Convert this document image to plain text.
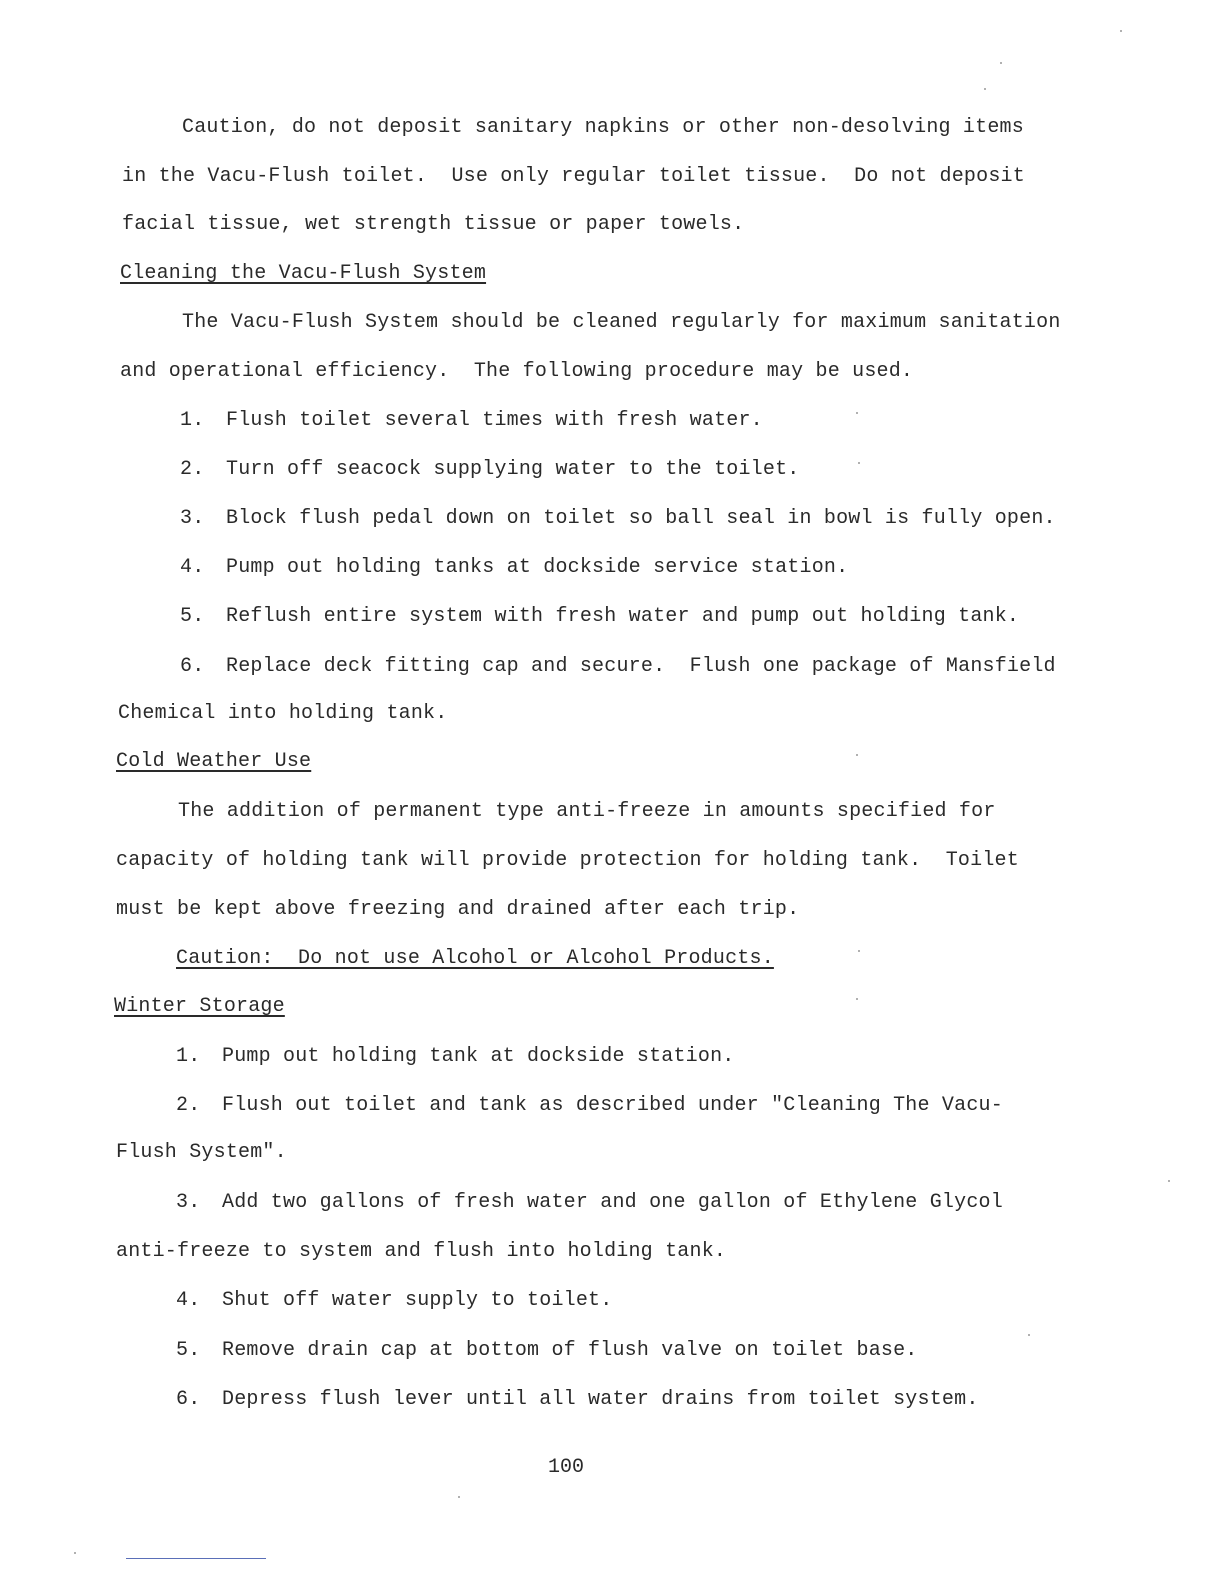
Caution, do not deposit sanitary napkins or other non-desolving items
in the Vacu-Flush toilet.  Use only regular toilet tissue.  Do not deposit
facial tissue, wet strength tissue or paper towels.
Cleaning the Vacu-Flush System
The Vacu-Flush System should be cleaned regularly for maximum sanitation
and operational efficiency.  The following procedure may be used.
1. Flush toilet several times with fresh water.
2. Turn off seacock supplying water to the toilet.
3. Block flush pedal down on toilet so ball seal in bowl is fully open.
4. Pump out holding tanks at dockside service station.
5. Reflush entire system with fresh water and pump out holding tank.
6. Replace deck fitting cap and secure.  Flush one package of Mansfield
Chemical into holding tank.
Cold Weather Use
The addition of permanent type anti-freeze in amounts specified for
capacity of holding tank will provide protection for holding tank.  Toilet
must be kept above freezing and drained after each trip.
Caution:  Do not use Alcohol or Alcohol Products.
Winter Storage
1. Pump out holding tank at dockside station.
2. Flush out toilet and tank as described under "Cleaning The Vacu-
Flush System".
3. Add two gallons of fresh water and one gallon of Ethylene Glycol
anti-freeze to system and flush into holding tank.
4. Shut off water supply to toilet.
5. Remove drain cap at bottom of flush valve on toilet base.
6. Depress flush lever until all water drains from toilet system.
100
